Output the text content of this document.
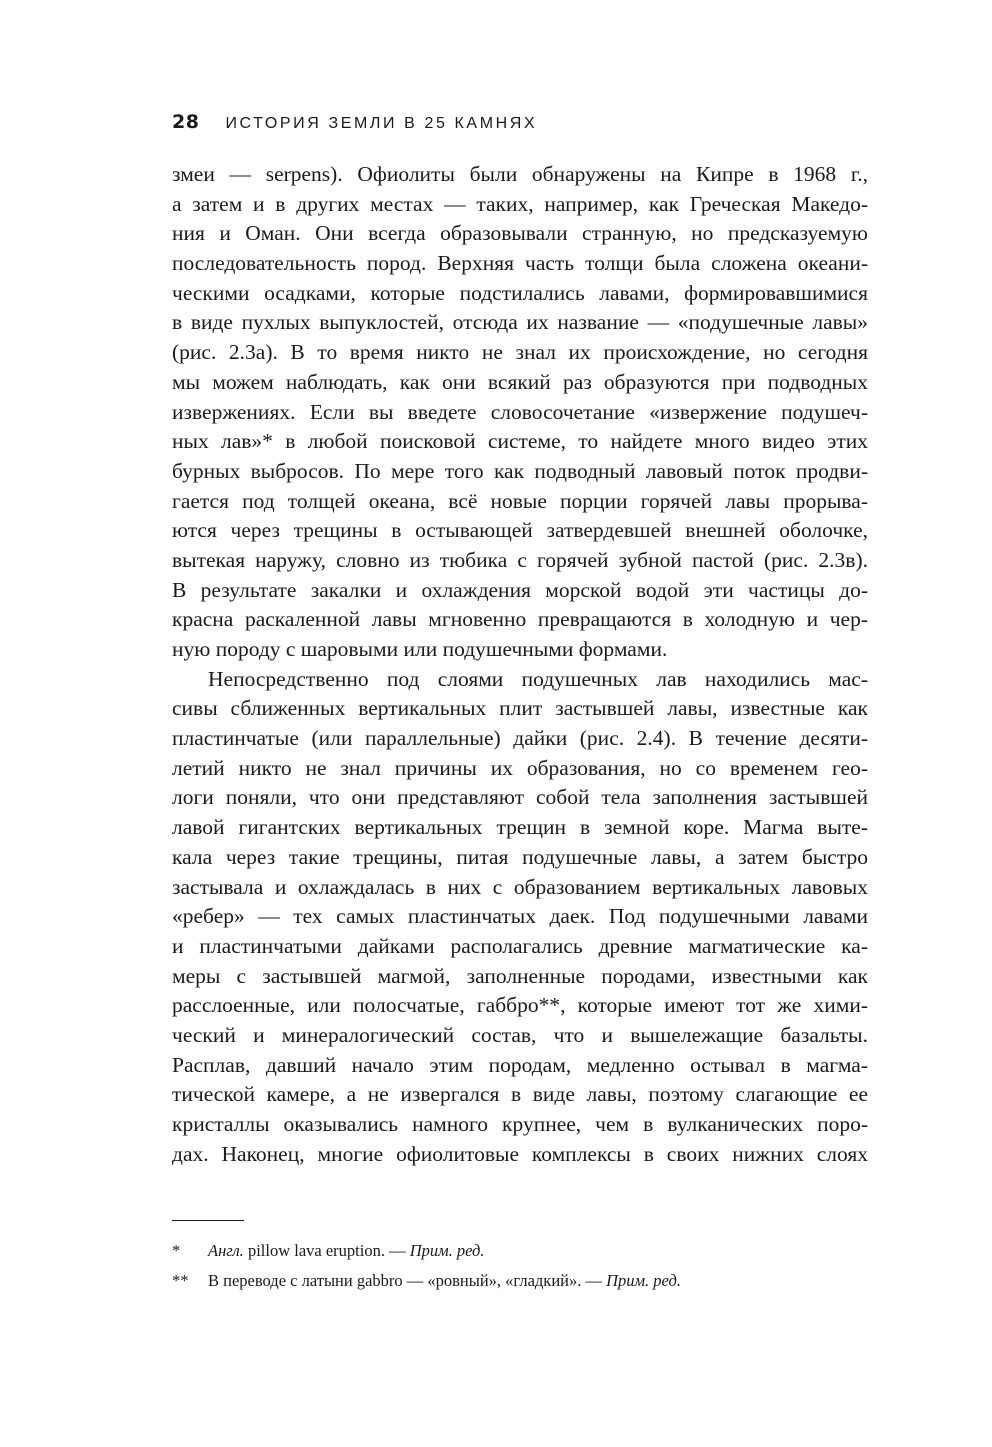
28 ИСТОРИЯ ЗЕМЛИ В 25 КАМНЯХ
змеи — serpens). Офиолиты были обнаружены на Кипре в 1968 г.,
а затем и в других местах — таких, например, как Греческая Македо-
ния и Оман. Они всегда образовывали странную, но предсказуемую
последовательность пород. Верхняя часть толщи была сложена океани-
ческими осадками, которые подстилались лавами, формировавшимися
в виде пухлых выпуклостей, отсюда их название — «подушечные лавы»
(рис. 2.3а). В то время никто не знал их происхождение, но сегодня
мы можем наблюдать, как они всякий раз образуются при подводных
извержениях. Если вы введете словосочетание «извержение подушеч-
ных лав»* в любой поисковой системе, то найдете много видео этих
бурных выбросов. По мере того как подводный лавовый поток продви-
гается под толщей океана, всё новые порции горячей лавы прорыва-
ются через трещины в остывающей затвердевшей внешней оболочке,
вытекая наружу, словно из тюбика с горячей зубной пастой (рис. 2.3в).
В результате закалки и охлаждения морской водой эти частицы до-
красна раскаленной лавы мгновенно превращаются в холодную и чер-
ную породу с шаровыми или подушечными формами.
Непосредственно под слоями подушечных лав находились мас-
сивы сближенных вертикальных плит застывшей лавы, известные как
пластинчатые (или параллельные) дайки (рис. 2.4). В течение десяти-
летий никто не знал причины их образования, но со временем гео-
логи поняли, что они представляют собой тела заполнения застывшей
лавой гигантских вертикальных трещин в земной коре. Магма выте-
кала через такие трещины, питая подушечные лавы, а затем быстро
застывала и охлаждалась в них с образованием вертикальных лавовых
«ребер» — тех самых пластинчатых даек. Под подушечными лавами
и пластинчатыми дайками располагались древние магматические ка-
меры с застывшей магмой, заполненные породами, известными как
расслоенные, или полосчатые, габбро**, которые имеют тот же хими-
ческий и минералогический состав, что и вышележащие базальты.
Расплав, давший начало этим породам, медленно остывал в магма-
тической камере, а не извергался в виде лавы, поэтому слагающие ее
кристаллы оказывались намного крупнее, чем в вулканических поро-
дах. Наконец, многие офиолитовые комплексы в своих нижних слоях
*	Англ. pillow lava eruption. — Прим. ред.
**	В переводе с латыни gabbro — «ровный», «гладкий». — Прим. ред.
